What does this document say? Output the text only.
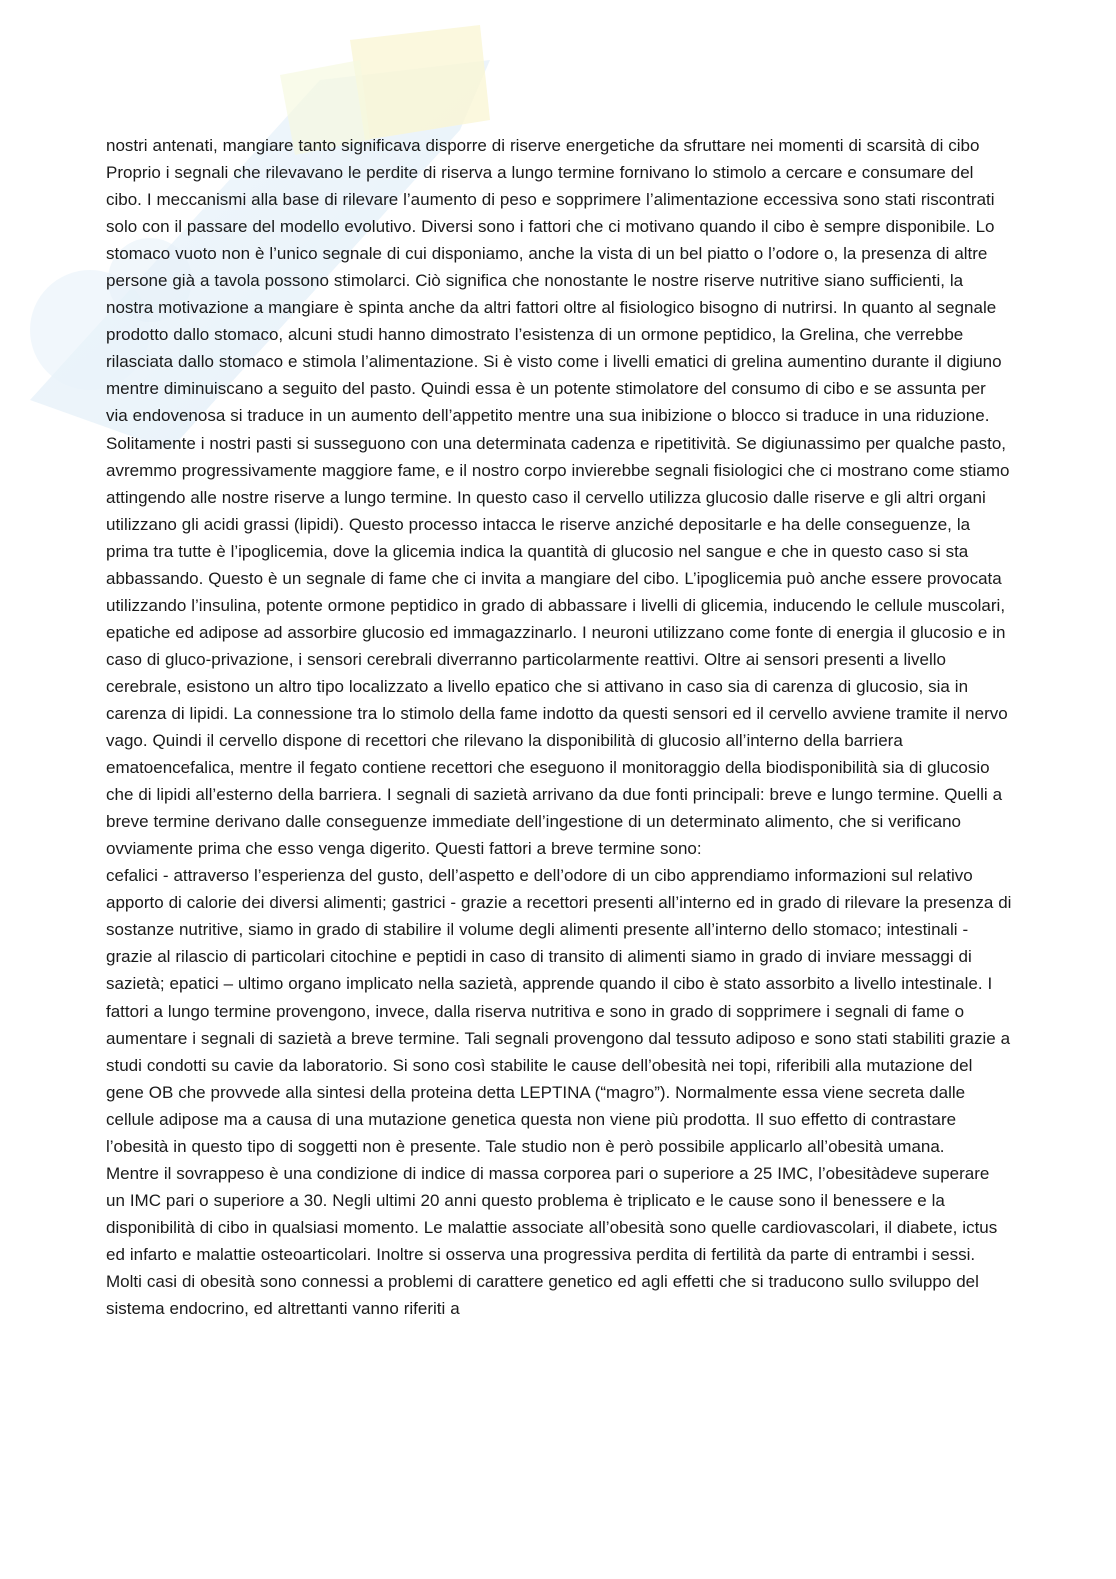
nostri antenati, mangiare tanto significava disporre di riserve energetiche da sfruttare nei momenti di scarsità di cibo Proprio i segnali che rilevavano le perdite di riserva a lungo termine fornivano lo stimolo a cercare e consumare del cibo. I meccanismi alla base di rilevare l’aumento di peso e sopprimere l’alimentazione eccessiva sono stati riscontrati solo con il passare del modello evolutivo. Diversi sono i fattori che ci motivano quando il cibo è sempre disponibile. Lo stomaco vuoto non è l’unico segnale di cui disponiamo, anche la vista di un bel piatto o l’odore o, la presenza di altre persone già a tavola possono stimolarci. Ciò significa che nonostante le nostre riserve nutritive siano sufficienti, la nostra motivazione a mangiare è spinta anche da altri fattori oltre al fisiologico bisogno di nutrirsi. In quanto al segnale prodotto dallo stomaco, alcuni studi hanno dimostrato l’esistenza di un ormone peptidico, la Grelina, che verrebbe rilasciata dallo stomaco e stimola l’alimentazione. Si è visto come i livelli ematici di grelina aumentino durante il digiuno mentre diminuiscano a seguito del pasto. Quindi essa è un potente stimolatore del consumo di cibo e se assunta per via endovenosa si traduce in un aumento dell’appetito mentre una sua inibizione o blocco si traduce in una riduzione. Solitamente i nostri pasti si susseguono con una determinata cadenza e ripetitività. Se digiunassimo per qualche pasto, avremmo progressivamente maggiore fame, e il nostro corpo invierebbe segnali fisiologici che ci mostrano come stiamo attingendo alle nostre riserve a lungo termine. In questo caso il cervello utilizza glucosio dalle riserve e gli altri organi utilizzano gli acidi grassi (lipidi). Questo processo intacca le riserve anziché depositarle e ha delle conseguenze, la prima tra tutte è l’ipoglicemia, dove la glicemia indica la quantità di glucosio nel sangue e che in questo caso si sta abbassando. Questo è un segnale di fame che ci invita a mangiare del cibo. L’ipoglicemia può anche essere provocata utilizzando l’insulina, potente ormone peptidico in grado di abbassare i livelli di glicemia, inducendo le cellule muscolari, epatiche ed adipose ad assorbire glucosio ed immagazzinarlo. I neuroni utilizzano come fonte di energia il glucosio e in caso di gluco-privazione, i sensori cerebrali diverranno particolarmente reattivi. Oltre ai sensori presenti a livello cerebrale, esistono un altro tipo localizzato a livello epatico che si attivano in caso sia di carenza di glucosio, sia in carenza di lipidi. La connessione tra lo stimolo della fame indotto da questi sensori ed il cervello avviene tramite il nervo vago. Quindi il cervello dispone di recettori che rilevano la disponibilità di glucosio all’interno della barriera ematoencefalica, mentre il fegato contiene recettori che eseguono il monitoraggio della biodisponibilità sia di glucosio che di lipidi all’esterno della barriera. I segnali di sazietà arrivano da due fonti principali: breve e lungo termine. Quelli a breve termine derivano dalle conseguenze immediate dell’ingestione di un determinato alimento, che si verificano ovviamente prima che esso venga digerito. Questi fattori a breve termine sono:

cefalici - attraverso l’esperienza del gusto, dell’aspetto e dell’odore di un cibo apprendiamo informazioni sul relativo apporto di calorie dei diversi alimenti; gastrici - grazie a recettori presenti all’interno ed in grado di rilevare la presenza di sostanze nutritive, siamo in grado di stabilire il volume degli alimenti presente all’interno dello stomaco; intestinali - grazie al rilascio di particolari citochine e peptidi in caso di transito di alimenti siamo in grado di inviare messaggi di sazietà; epatici – ultimo organo implicato nella sazietà, apprende quando il cibo è stato assorbito a livello intestinale. I fattori a lungo termine provengono, invece, dalla riserva nutritiva e sono in grado di sopprimere i segnali di fame o aumentare i segnali di sazietà a breve termine. Tali segnali provengono dal tessuto adiposo e sono stati stabiliti grazie a studi condotti su cavie da laboratorio. Si sono così stabilite le cause dell’obesità nei topi, riferibili alla mutazione del gene OB che provvede alla sintesi della proteina detta LEPTINA (“magro”). Normalmente essa viene secreta dalle cellule adipose ma a causa di una mutazione genetica questa non viene più prodotta. Il suo effetto di contrastare l’obesità in questo tipo di soggetti non è presente. Tale studio non è però possibile applicarlo all’obesità umana.

Mentre il sovrappeso è una condizione di indice di massa corporea pari o superiore a 25 IMC, l’obesitàdeve superare un IMC pari o superiore a 30. Negli ultimi 20 anni questo problema è triplicato e le cause sono il benessere e la disponibilità di cibo in qualsiasi momento. Le malattie associate all’obesità sono quelle cardiovascolari, il diabete, ictus ed infarto e malattie osteoarticolari. Inoltre si osserva una progressiva perdita di fertilità da parte di entrambi i sessi. Molti casi di obesità sono connessi a problemi di carattere genetico ed agli effetti che si traducono sullo sviluppo del sistema endocrino, ed altrettanti vanno riferiti a
